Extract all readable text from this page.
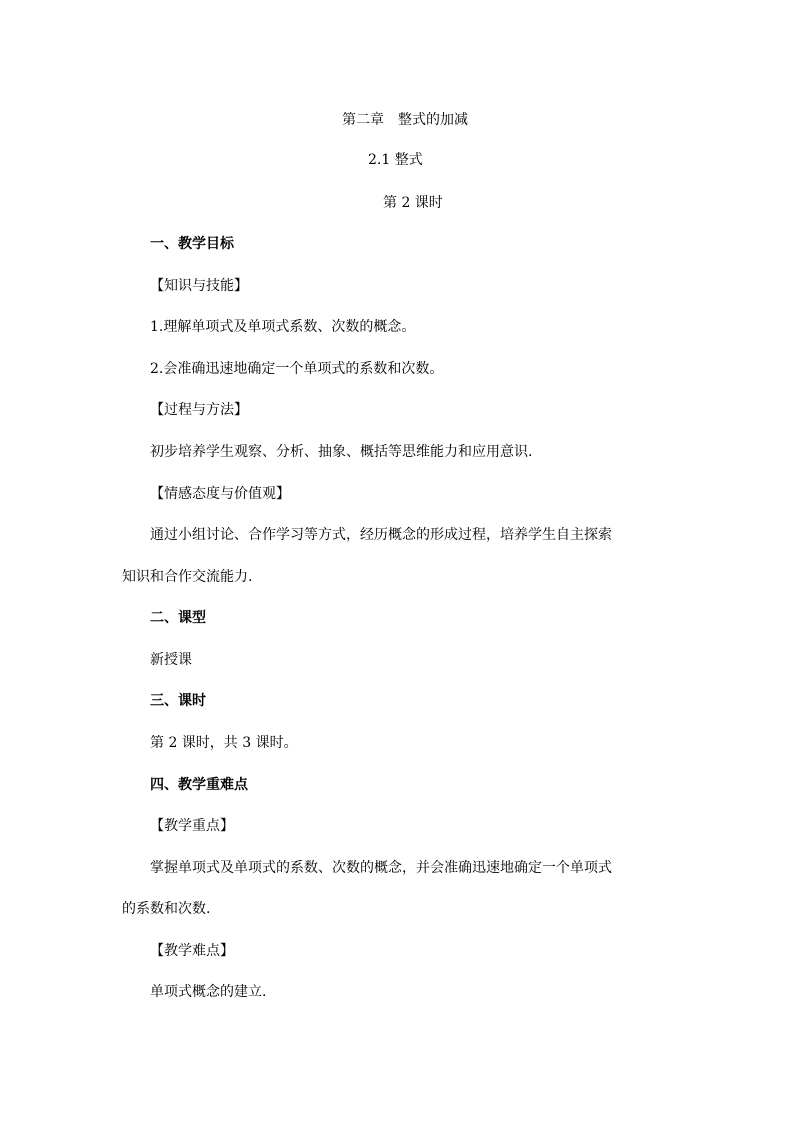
第二章　整式的加减
2.1 整式
第 2 课时
一、教学目标
【知识与技能】
1.理解单项式及单项式系数、次数的概念。
2.会准确迅速地确定一个单项式的系数和次数。
【过程与方法】
初步培养学生观察、分析、抽象、概括等思维能力和应用意识.
【情感态度与价值观】
通过小组讨论、合作学习等方式，经历概念的形成过程，培养学生自主探索
知识和合作交流能力.
二、课型
新授课
三、课时
第 2 课时，共 3 课时。
四、教学重难点
【教学重点】
掌握单项式及单项式的系数、次数的概念，并会准确迅速地确定一个单项式
的系数和次数.
【教学难点】
单项式概念的建立.
